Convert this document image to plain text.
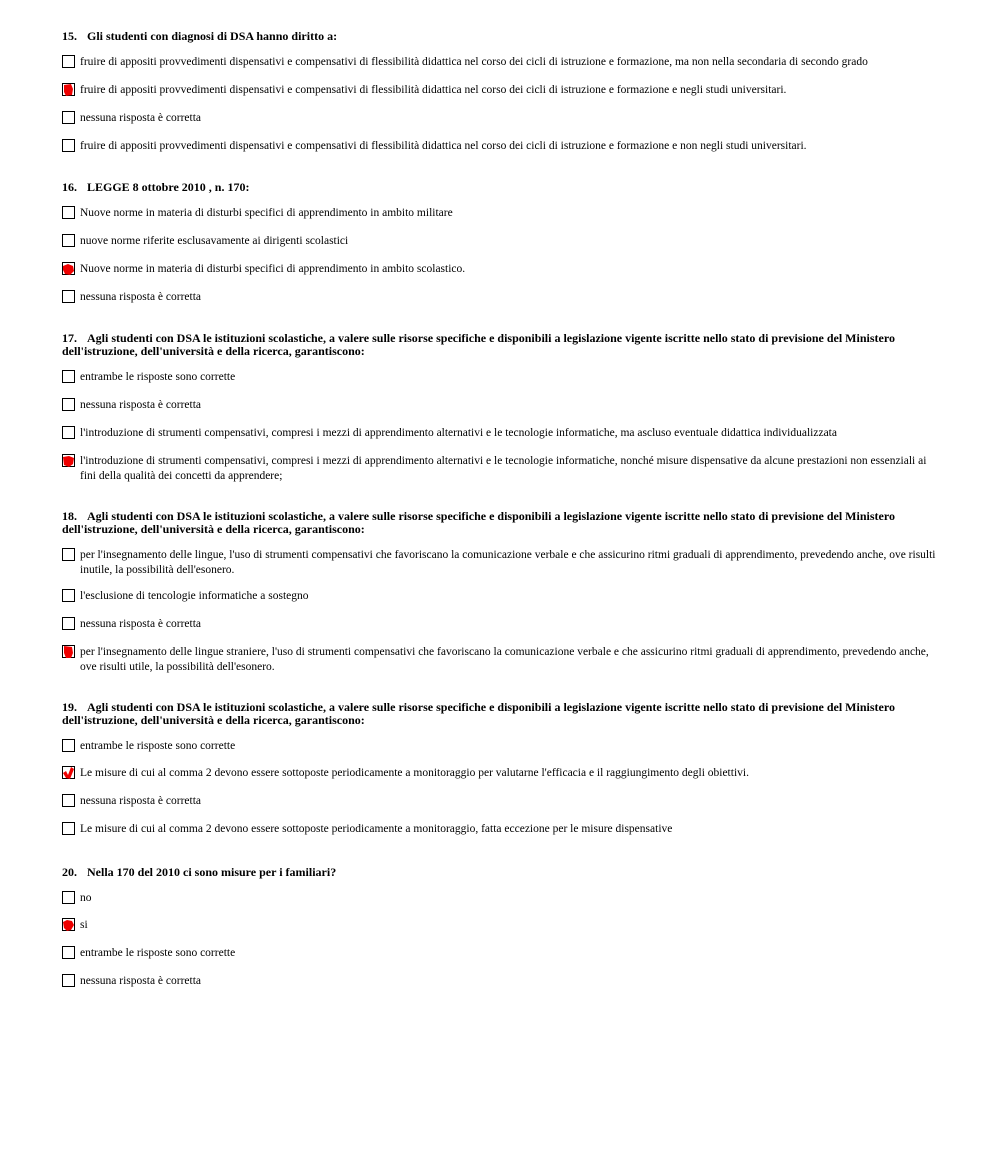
15. Gli studenti con diagnosi di DSA hanno diritto a:
fruire di appositi provvedimenti dispensativi e compensativi di flessibilità didattica nel corso dei cicli di istruzione e formazione, ma non nella secondaria di secondo grado
fruire di appositi provvedimenti dispensativi e compensativi di flessibilità didattica nel corso dei cicli di istruzione e formazione e negli studi universitari.
nessuna risposta è corretta
fruire di appositi provvedimenti dispensativi e compensativi di flessibilità didattica nel corso dei cicli di istruzione e formazione e non negli studi universitari.
16. LEGGE 8 ottobre 2010 , n. 170:
Nuove norme in materia di disturbi specifici di apprendimento in ambito militare
nuove norme riferite esclusavamente ai dirigenti scolastici
Nuove norme in materia di disturbi specifici di apprendimento in ambito scolastico.
nessuna risposta è corretta
17. Agli studenti con DSA le istituzioni scolastiche, a valere sulle risorse specifiche e disponibili a legislazione vigente iscritte nello stato di previsione del Ministero dell'istruzione, dell'università e della ricerca, garantiscono:
entrambe le risposte sono corrette
nessuna risposta è corretta
l'introduzione di strumenti compensativi, compresi i mezzi di apprendimento alternativi e le tecnologie informatiche, ma ascluso eventuale didattica individualizzata
l'introduzione di strumenti compensativi, compresi i mezzi di apprendimento alternativi e le tecnologie informatiche, nonché misure dispensative da alcune prestazioni non essenziali ai fini della qualità dei concetti da apprendere;
18. Agli studenti con DSA le istituzioni scolastiche, a valere sulle risorse specifiche e disponibili a legislazione vigente iscritte nello stato di previsione del Ministero dell'istruzione, dell'università e della ricerca, garantiscono:
per l'insegnamento delle lingue, l'uso di strumenti compensativi che favoriscano la comunicazione verbale e che assicurino ritmi graduali di apprendimento, prevedendo anche, ove risulti inutile, la possibilità dell'esonero.
l'esclusione di tencologie informatiche a sostegno
nessuna risposta è corretta
per l'insegnamento delle lingue straniere, l'uso di strumenti compensativi che favoriscano la comunicazione verbale e che assicurino ritmi graduali di apprendimento, prevedendo anche, ove risulti utile, la possibilità dell'esonero.
19. Agli studenti con DSA le istituzioni scolastiche, a valere sulle risorse specifiche e disponibili a legislazione vigente iscritte nello stato di previsione del Ministero dell'istruzione, dell'università e della ricerca, garantiscono:
entrambe le risposte sono corrette
Le misure di cui al comma 2 devono essere sottoposte periodicamente a monitoraggio per valutarne l'efficacia e il raggiungimento degli obiettivi.
nessuna risposta è corretta
Le misure di cui al comma 2 devono essere sottoposte periodicamente a monitoraggio, fatta eccezione per le misure dispensative
20. Nella 170 del 2010 ci sono misure per i familiari?
no
si
entrambe le risposte sono corrette
nessuna risposta è corretta
